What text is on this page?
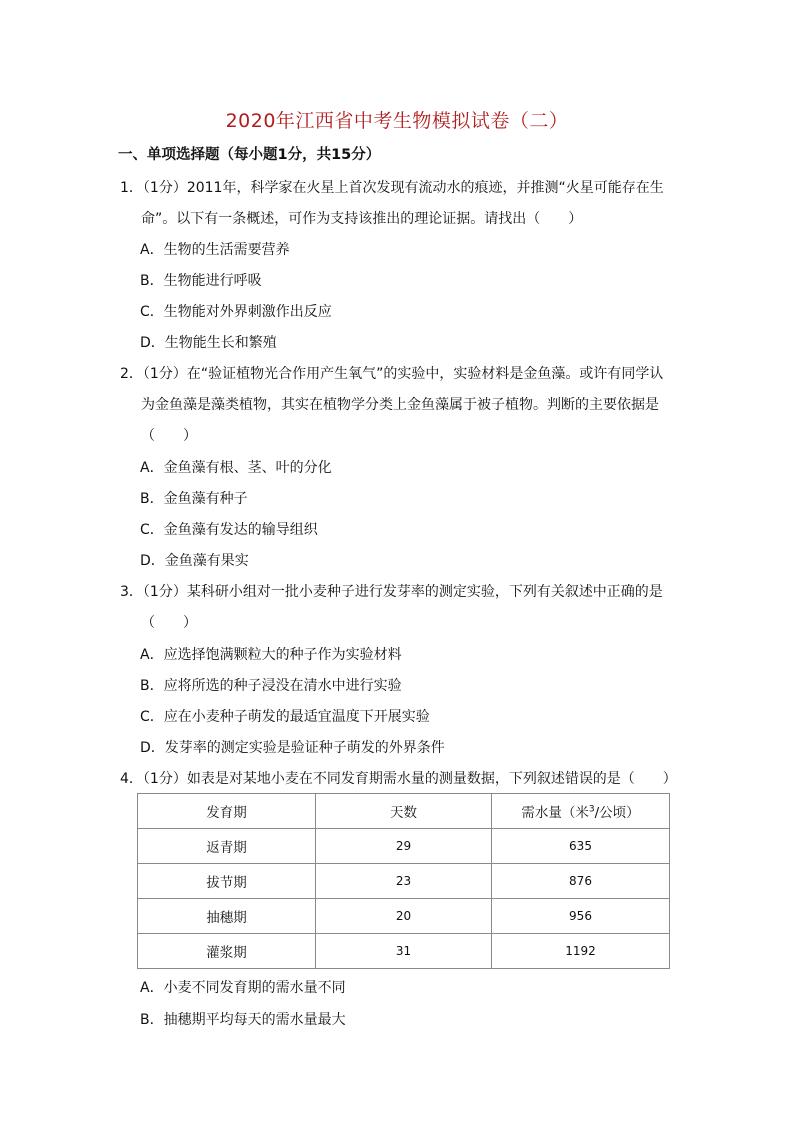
2020年江西省中考生物模拟试卷（二）
一、单项选择题（每小题1分，共15分）
1．（1分）2011年，科学家在火星上首次发现有流动水的痕迹，并推测“火星可能存在生
命”。以下有一条概述，可作为支持该推出的理论证据。请找出（　　）
A．生物的生活需要营养
B．生物能进行呼吸
C．生物能对外界刺激作出反应
D．生物能生长和繁殖
2．（1分）在“验证植物光合作用产生氧气”的实验中，实验材料是金鱼藻。或许有同学认
为金鱼藻是藻类植物，其实在植物学分类上金鱼藻属于被子植物。判断的主要依据是
（　　）
A．金鱼藻有根、茎、叶的分化
B．金鱼藻有种子
C．金鱼藻有发达的输导组织
D．金鱼藻有果实
3．（1分）某科研小组对一批小麦种子进行发芽率的测定实验，下列有关叙述中正确的是
（　　）
A．应选择饱满颗粒大的种子作为实验材料
B．应将所选的种子浸没在清水中进行实验
C．应在小麦种子萌发的最适宜温度下开展实验
D．发芽率的测定实验是验证种子萌发的外界条件
4．（1分）如表是对某地小麦在不同发育期需水量的测量数据，下列叙述错误的是（　　）
发育期	天数	需水量（米$^3$/公顷）
返青期	29	635
拔节期	23	876
抽穗期	20	956
灌浆期	31	1192
A．小麦不同发育期的需水量不同
B．抽穗期平均每天的需水量最大
